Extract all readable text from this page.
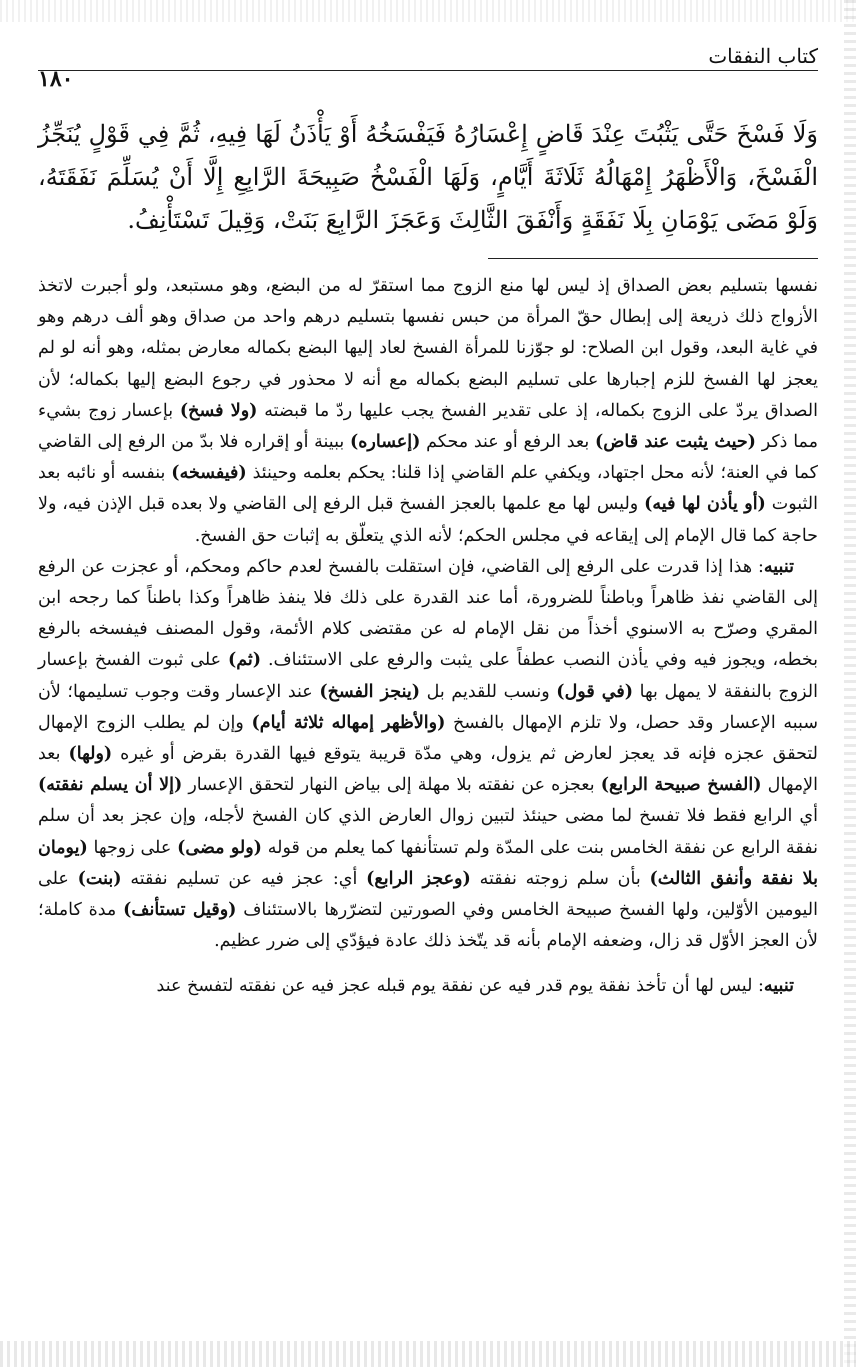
كتاب النفقات
١٨٠
وَلَا فَسْخَ حَتَّى يَثْبُتَ عِنْدَ قَاضٍ إِعْسَارُهُ فَيَفْسَخُهُ أَوْ يَأْذَنُ لَهَا فِيهِ، ثُمَّ فِي قَوْلٍ يُنَجِّزُ الْفَسْخَ، وَالْأَظْهَرُ إِمْهَالُهُ ثَلَاثَةَ أَيَّامٍ، وَلَهَا الْفَسْخُ صَبِيحَةَ الرَّابِعِ إِلَّا أَنْ يُسَلِّمَ نَفَقَتَهُ، وَلَوْ مَضَى يَوْمَانِ بِلَا نَفَقَةٍ وَأَنْفَقَ الثَّالِثَ وَعَجَزَ الرَّابِعَ بَنَتْ، وَقِيلَ تَسْتَأْنِفُ.

نفسها بتسليم بعض الصداق إذ ليس لها منع الزوج مما استقرّ له من البضع، وهو مستبعد، ولو أجبرت لاتخذ الأزواج ذلك ذريعة إلى إبطال حقّ المرأة من حبس نفسها بتسليم درهم واحد من صداق وهو ألف درهم وهو في غاية البعد، وقول ابن الصلاح: لو جوّزنا للمرأة الفسخ لعاد إليها البضع بكماله معارض بمثله، وهو أنه لو لم يعجز لها الفسخ للزم إجبارها على تسليم البضع بكماله مع أنه لا محذور في رجوع البضع إليها بكماله؛ لأن الصداق يردّ على الزوج بكماله، إذ على تقدير الفسخ يجب عليها ردّ ما قبضته (ولا فسخ) بإعسار زوج بشيء مما ذكر (حيث يثبت عند قاض) بعد الرفع أو عند محكم (إعساره) ببينة أو إقراره فلا بدّ من الرفع إلى القاضي كما في العنة؛ لأنه محل اجتهاد، ويكفي علم القاضي إذا قلنا: يحكم بعلمه وحينئذ (فيفسخه) بنفسه أو نائبه بعد الثبوت (أو يأذن لها فيه) وليس لها مع علمها بالعجز الفسخ قبل الرفع إلى القاضي ولا بعده قبل الإذن فيه، ولا حاجة كما قال الإمام إلى إيقاعه في مجلس الحكم؛ لأنه الذي يتعلّق به إثبات حق الفسخ.

تنبيه: هذا إذا قدرت على الرفع إلى القاضي، فإن استقلت بالفسخ لعدم حاكم ومحكم، أو عجزت عن الرفع إلى القاضي نفذ ظاهراً وباطناً للضرورة، أما عند القدرة على ذلك فلا ينفذ ظاهراً وكذا باطناً كما رجحه ابن المقري وصرّح به الاسنوي أخذاً من نقل الإمام له عن مقتضى كلام الأئمة، وقول المصنف فيفسخه بالرفع بخطه، ويجوز فيه وفي يأذن النصب عطفاً على يثبت والرفع على الاستئناف. (ثم) على ثبوت الفسخ بإعسار الزوج بالنفقة لا يمهل بها (في قول) ونسب للقديم بل (ينجز الفسخ) عند الإعسار وقت وجوب تسليمها؛ لأن سببه الإعسار وقد حصل، ولا تلزم الإمهال بالفسخ (والأظهر إمهاله ثلاثة أيام) وإن لم يطلب الزوج الإمهال لتحقق عجزه فإنه قد يعجز لعارض ثم يزول، وهي مدّة قريبة يتوقع فيها القدرة بقرض أو غيره (ولها) بعد الإمهال (الفسخ صبيحة الرابع) بعجزه عن نفقته بلا مهلة إلى بياض النهار لتحقق الإعسار (إلا أن يسلم نفقته) أي الرابع فقط فلا تفسخ لما مضى حينئذ لتبين زوال العارض الذي كان الفسخ لأجله، وإن عجز بعد أن سلم نفقة الرابع عن نفقة الخامس بنت على المدّة ولم تستأنفها كما يعلم من قوله (ولو مضى) على زوجها (يومان بلا نفقة وأنفق الثالث) بأن سلم زوجته نفقته (وعجز الرابع) أي: عجز فيه عن تسليم نفقته (بنت) على اليومين الأوّلين، ولها الفسخ صبيحة الخامس وفي الصورتين لتضرّرها بالاستئناف (وقيل تستأنف) مدة كاملة؛ لأن العجز الأوّل قد زال، وضعفه الإمام بأنه قد يتّخذ ذلك عادة فيؤدّي إلى ضرر عظيم.

تنبيه: ليس لها أن تأخذ نفقة يوم قدر فيه عن نفقة يوم قبله عجز فيه عن نفقته لتفسخ عند
